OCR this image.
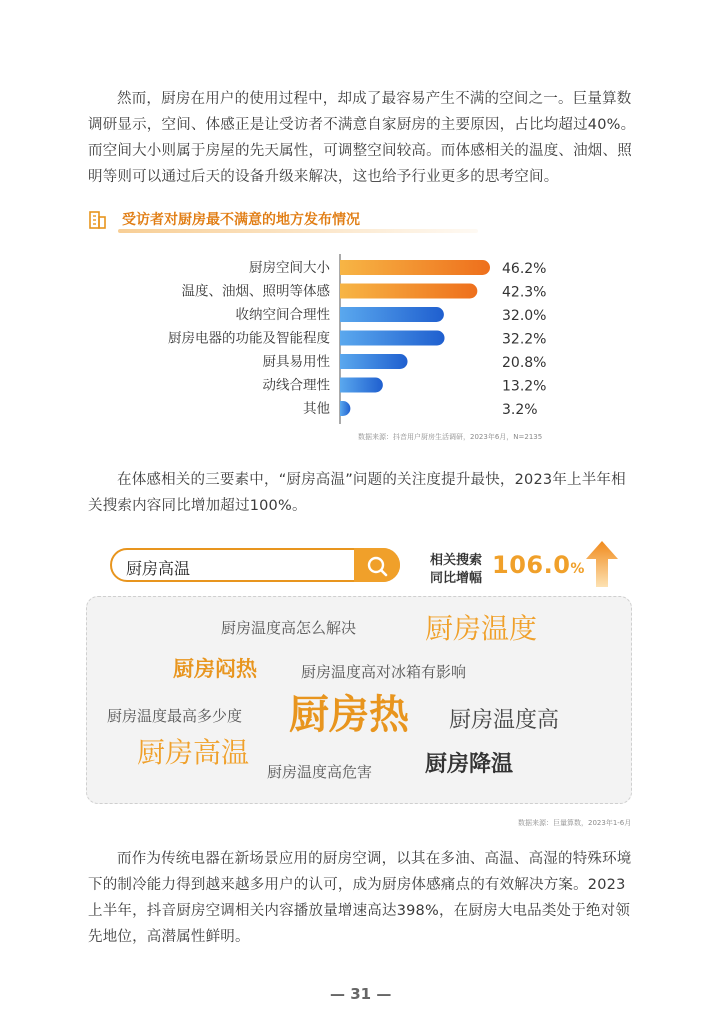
然而，厨房在用户的使用过程中，却成了最容易产生不满的空间之一。巨量算数调研显示，空间、体感正是让受访者不满意自家厨房的主要原因，占比均超过40%。而空间大小则属于房屋的先天属性，可调整空间较高。而体感相关的温度、油烟、照明等则可以通过后天的设备升级来解决，这也给予行业更多的思考空间。

受访者对厨房最不满意的地方发布情况
厨房空间大小	46.2%
温度、油烟、照明等体感	42.3%
收纳空间合理性	32.0%
厨房电器的功能及智能程度	32.2%
厨具易用性	20.8%
动线合理性	13.2%
其他	3.2%
数据来源：抖音用户厨房生活调研，2023年6月，N=2135

在体感相关的三要素中，“厨房高温”问题的关注度提升最快，2023年上半年相关搜索内容同比增加超过100%。

厨房高温	相关搜索
同比增幅 106.0%
厨房温度高怎么解决 厨房温度
厨房闷热	厨房温度高对冰箱有影响
厨房温度最高多少度 厨房热 厨房温度高
厨房高温
厨房温度高危害 厨房降温
数据来源：巨量算数，2023年1-6月

而作为传统电器在新场景应用的厨房空调，以其在多油、高温、高湿的特殊环境下的制冷能力得到越来越多用户的认可，成为厨房体感痛点的有效解决方案。2023上半年，抖音厨房空调相关内容播放量增速高达398%，在厨房大电品类处于绝对领先地位，高潜属性鲜明。

— 31 —
